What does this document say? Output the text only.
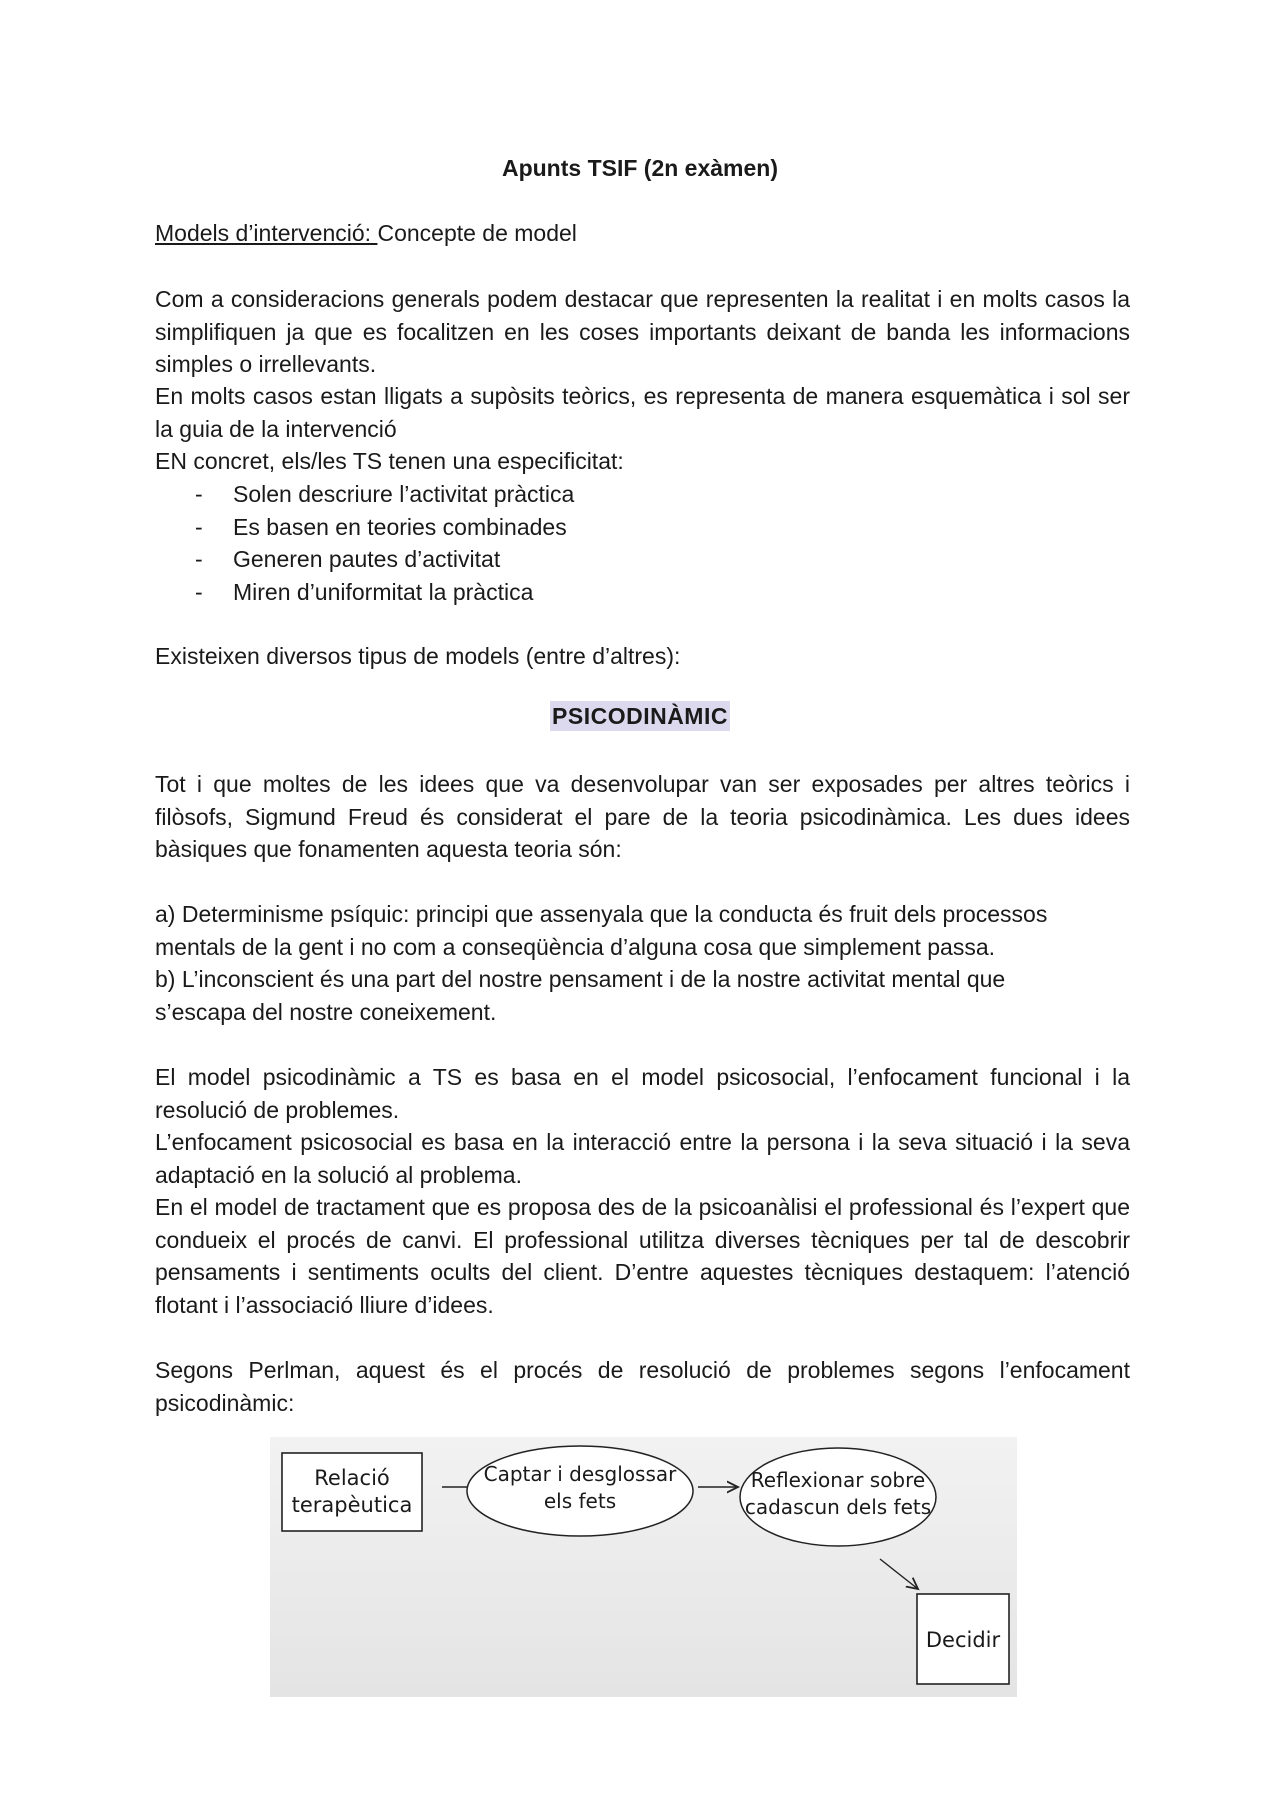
Apunts TSIF (2n exàmen)
Models d’intervenció: Concepte de model

Com a consideracions generals podem destacar que representen la realitat i en molts casos la simplifiquen ja que es focalitzen en les coses importants deixant de banda les informacions simples o irrellevants.

En molts casos estan lligats a supòsits teòrics, es representa de manera esquemàtica i sol ser la guia de la intervenció
EN concret, els/les TS tenen una especificitat:

- Solen descriure l’activitat pràctica
- Es basen en teories combinades
- Generen pautes d’activitat
- Miren d’uniformitat la pràctica

Existeixen diversos tipus de models (entre d’altres):

PSICODINÀMIC

Tot i que moltes de les idees que va desenvolupar van ser exposades per altres teòrics i filòsofs, Sigmund Freud és considerat el pare de la teoria psicodinàmica. Les dues idees bàsiques que fonamenten aquesta teoria són:

a) Determinisme psíquic: principi que assenyala que la conducta és fruit dels processos
mentals de la gent i no com a conseqüència d’alguna cosa que simplement passa.
b) L’inconscient és una part del nostre pensament i de la nostre activitat mental que
s’escapa del nostre coneixement.

El model psicodinàmic a TS es basa en el model psicosocial, l’enfocament funcional i la resolució de problemes.

L’enfocament psicosocial es basa en la interacció entre la persona i la seva situació i la seva adaptació en la solució al problema.

En el model de tractament que es proposa des de la psicoanàlisi el professional és l’expert que condueix el procés de canvi. El professional utilitza diverses tècniques per tal de descobrir pensaments i sentiments ocults del client. D’entre aquestes tècniques destaquem: l’atenció flotant i l’associació lliure d’idees.

Segons Perlman, aquest és el procés de resolució de problemes segons l’enfocament psicodinàmic:

Relació
terapèutica
Captar i desglossar
els fets
Reflexionar sobre
cadascun dels fets
Decidir
